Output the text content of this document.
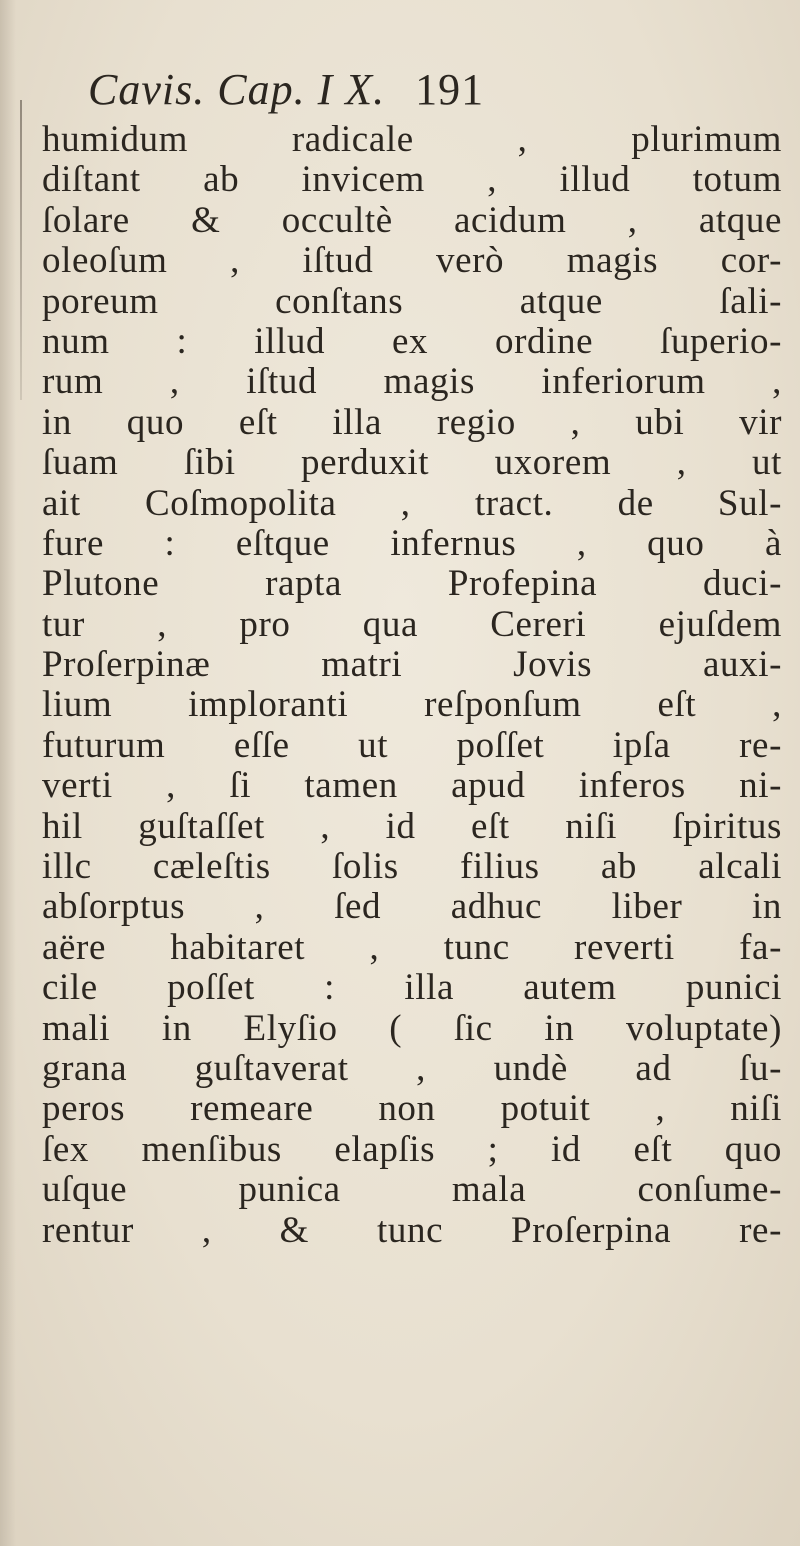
Cavis. Cap. I X. 191
humidum radicale , plurimum
diſtant ab invicem , illud totum
ſolare & occultè acidum , atque
oleoſum , iſtud verò magis cor-
poreum conſtans atque ſali-
num : illud ex ordine ſuperio-
rum , iſtud magis inferiorum ,
in quo eſt illa regio , ubi vir
ſuam ſibi perduxit uxorem , ut
ait Coſmopolita , tract. de Sul-
fure : eſtque infernus , quo à
Plutone rapta Profepina duci-
tur , pro qua Cereri ejuſdem
Proſerpinæ matri Jovis auxi-
lium imploranti reſponſum eſt ,
futurum eſſe ut poſſet ipſa re-
verti , ſi tamen apud inferos ni-
hil guſtaſſet , id eſt niſi ſpiritus
illc cæleſtis ſolis filius ab alcali
abſorptus , ſed adhuc liber in
aëre habitaret , tunc reverti fa-
cile poſſet : illa autem punici
mali in Elyſio ( ſic in voluptate)
grana guſtaverat , undè ad ſu-
peros remeare non potuit , niſi
ſex menſibus elapſis ; id eſt quo
uſque punica mala conſume-
rentur , & tunc Proſerpina re-
